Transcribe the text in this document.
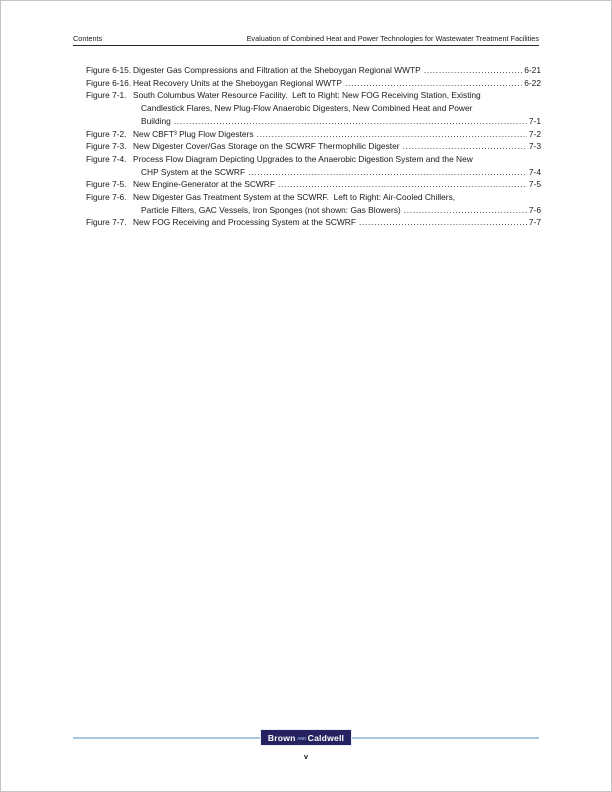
Contents	Evaluation of Combined Heat and Power Technologies for Wastewater Treatment Facilities
Figure 6-15. Digester Gas Compressions and Filtration at the Sheboygan Regional WWTP .....	6-21
Figure 6-16. Heat Recovery Units at the Sheboygan Regional WWTP .....	6-22
Figure 7-1. South Columbus Water Resource Facility.  Left to Right: New FOG Receiving Station, Existing
Candlestick Flares, New Plug-Flow Anaerobic Digesters, New Combined Heat and Power
Building .....	7-1
Figure 7-2. New CBFT³ Plug Flow Digesters .....	7-2
Figure 7-3. New Digester Cover/Gas Storage on the SCWRF Thermophilic Digester .....	7-3
Figure 7-4. Process Flow Diagram Depicting Upgrades to the Anaerobic Digestion System and the New
CHP System at the SCWRF .....	7-4
Figure 7-5. New Engine-Generator at the SCWRF .....	7-5
Figure 7-6. New Digester Gas Treatment System at the SCWRF.  Left to Right: Air-Cooled Chillers,
Particle Filters, GAC Vessels, Iron Sponges (not shown: Gas Blowers) .....	7-6
Figure 7-7. New FOG Receiving and Processing System at the SCWRF .....	7-7
Brown AND Caldwell
v
